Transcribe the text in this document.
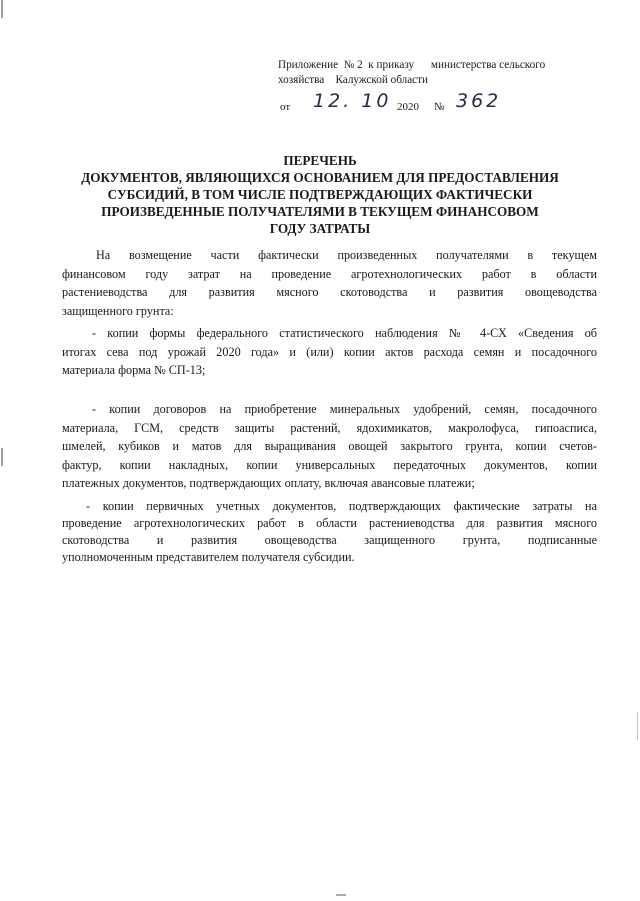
Приложение  № 2  к приказу      министерства сельского
хозяйства    Калужской области
от 12. 10 2020 № 362
ПЕРЕЧЕНЬ
ДОКУМЕНТОВ, ЯВЛЯЮЩИХСЯ ОСНОВАНИЕМ ДЛЯ ПРЕДОСТАВЛЕНИЯ
СУБСИДИЙ, В ТОМ ЧИСЛЕ ПОДТВЕРЖДАЮЩИХ ФАКТИЧЕСКИ
ПРОИЗВЕДЕННЫЕ ПОЛУЧАТЕЛЯМИ В ТЕКУЩЕМ ФИНАНСОВОМ
ГОДУ ЗАТРАТЫ
На возмещение части фактически произведенных получателями в текущем
финансовом году затрат на проведение агротехнологических работ в области
растениеводства для развития мясного скотоводства и развития овощеводства
защищенного грунта:
- копии формы федерального статистического наблюдения № 4-СХ «Сведения об
итогах сева под урожай 2020 года» и (или) копии актов расхода семян и посадочного
материала форма № СП-13;
- копии договоров на приобретение минеральных удобрений, семян, посадочного
материала, ГСМ, средств защиты растений, ядохимикатов, макролофуса, гипоасписа,
шмелей, кубиков и матов для выращивания овощей закрытого грунта, копии счетов-
фактур, копии накладных, копии универсальных передаточных документов, копии
платежных документов, подтверждающих оплату, включая авансовые платежи;
- копии первичных учетных документов, подтверждающих фактические затраты на
проведение агротехнологических работ в области растениеводства для развития мясного
скотоводства и развития овощеводства защищенного грунта, подписанные
уполномоченным представителем получателя субсидии.
